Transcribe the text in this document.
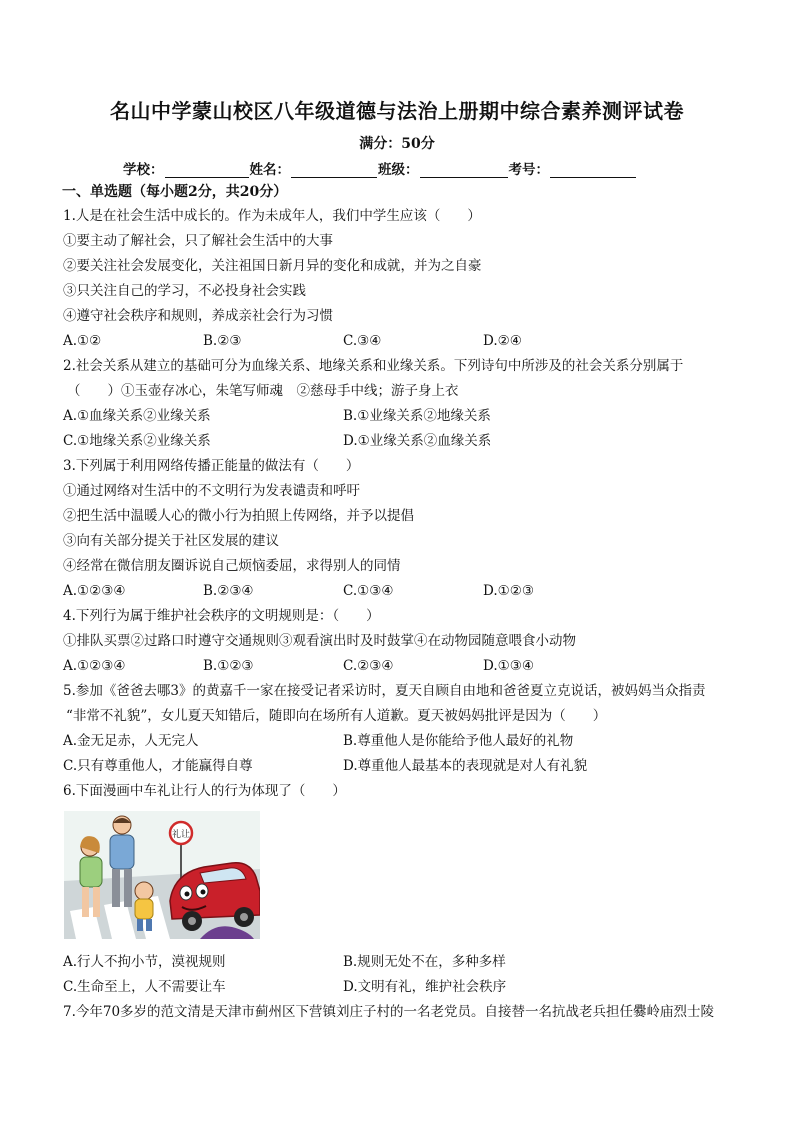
名山中学蒙山校区八年级道德与法治上册期中综合素养测评试卷
满分：50分
学校：	姓名：	班级：	考号：
一、单选题（每小题2分，共20分）
1.人是在社会生活中成长的。作为未成年人，我们中学生应该（　　）
①要主动了解社会，只了解社会生活中的大事
②要关注社会发展变化，关注祖国日新月异的变化和成就，并为之自豪
③只关注自己的学习，不必投身社会实践
④遵守社会秩序和规则，养成亲社会行为习惯
A.①②	B.②③	C.③④	D.②④
2.社会关系从建立的基础可分为血缘关系、地缘关系和业缘关系。下列诗句中所涉及的社会关系分别属于
（　　）①玉壶存冰心，朱笔写师魂　②慈母手中线；游子身上衣
A.①血缘关系②业缘关系	B.①业缘关系②地缘关系
C.①地缘关系②业缘关系	D.①业缘关系②血缘关系
3.下列属于利用网络传播正能量的做法有（　　）
①通过网络对生活中的不文明行为发表谴责和呼吁
②把生活中温暖人心的微小行为拍照上传网络，并予以提倡
③向有关部分提关于社区发展的建议
④经常在微信朋友圈诉说自己烦恼委屈，求得别人的同情
A.①②③④	B.②③④	C.①③④	D.①②③
4.下列行为属于维护社会秩序的文明规则是：（　　）
①排队买票②过路口时遵守交通规则③观看演出时及时鼓掌④在动物园随意喂食小动物
A.①②③④	B.①②③	C.②③④	D.①③④
5.参加《爸爸去哪3》的黄嘉千一家在接受记者采访时，夏天自顾自由地和爸爸夏立克说话，被妈妈当众指责
“非常不礼貌”，女儿夏天知错后，随即向在场所有人道歉。夏天被妈妈批评是因为（　　）
A.金无足赤，人无完人	B.尊重他人是你能给予他人最好的礼物
C.只有尊重他人，才能赢得自尊	D.尊重他人最基本的表现就是对人有礼貌
6.下面漫画中车礼让行人的行为体现了（　　）
礼让
A.行人不拘小节，漠视规则	B.规则无处不在，多种多样
C.生命至上，人不需要让车	D.文明有礼，维护社会秩序
7.今年70多岁的范文清是天津市蓟州区下营镇刘庄子村的一名老党员。自接替一名抗战老兵担任爨岭庙烈士陵
